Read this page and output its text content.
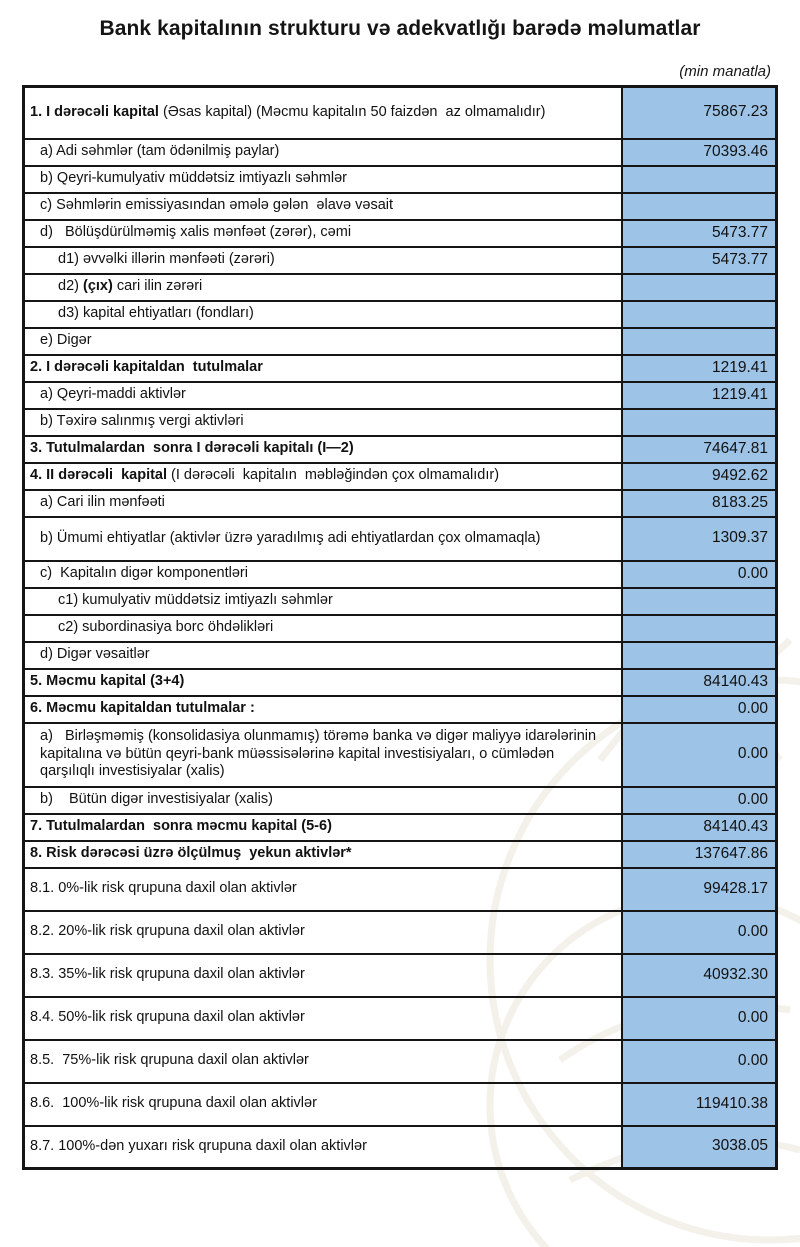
Bank kapitalının strukturu və adekvatlığı barədə məlumatlar
(min manatla)
1. I dərəcəli kapital (Əsas kapital) (Məcmu kapitalın 50 faizdən  az olmamalıdır)	75867.23
a) Adi səhmlər (tam ödənilmiş paylar)	70393.46
b) Qeyri-kumulyativ müddətsiz imtiyazlı səhmlər	
c) Səhmlərin emissiyasından əmələ gələn  əlavə vəsait	
d)   Bölüşdürülməmiş xalis mənfəət (zərər), cəmi	5473.77
d1) əvvəlki illərin mənfəəti (zərəri)	5473.77
d2) (çıx) cari ilin zərəri	
d3) kapital ehtiyatları (fondları)	
e) Digər	
2. I dərəcəli kapitaldan  tutulmalar	1219.41
a) Qeyri-maddi aktivlər	1219.41
b) Təxirə salınmış vergi aktivləri	
3. Tutulmalardan  sonra I dərəcəli kapitalı (I—2)	74647.81
4. II dərəcəli  kapital (I dərəcəli  kapitalın  məbləğindən çox olmamalıdır)	9492.62
a) Cari ilin mənfəəti	8183.25
b) Ümumi ehtiyatlar (aktivlər üzrə yaradılmış adi ehtiyatlardan çox olmamaqla)	1309.37
c)  Kapitalın digər komponentləri	0.00
c1) kumulyativ müddətsiz imtiyazlı səhmlər	
c2) subordinasiya borc öhdəlikləri	
d) Digər vəsaitlər	
5. Məcmu kapital (3+4)	84140.43
6. Məcmu kapitaldan tutulmalar :	0.00
a)   Birləşməmiş (konsolidasiya olunmamış) törəmə banka və digər maliyyə idarələrinin kapitalına və bütün qeyri-bank müəssisələrinə kapital investisiyaları, o cümlədən qarşılıqlı investisiyalar (xalis)	0.00
b)    Bütün digər investisiyalar (xalis)	0.00
7. Tutulmalardan  sonra məcmu kapital (5-6)	84140.43
8. Risk dərəcəsi üzrə ölçülmuş  yekun aktivlər*	137647.86
8.1. 0%-lik risk qrupuna daxil olan aktivlər	99428.17
8.2. 20%-lik risk qrupuna daxil olan aktivlər	0.00
8.3. 35%-lik risk qrupuna daxil olan aktivlər	40932.30
8.4. 50%-lik risk qrupuna daxil olan aktivlər	0.00
8.5.  75%-lik risk qrupuna daxil olan aktivlər	0.00
8.6.  100%-lik risk qrupuna daxil olan aktivlər	119410.38
8.7. 100%-dən yuxarı risk qrupuna daxil olan aktivlər	3038.05
